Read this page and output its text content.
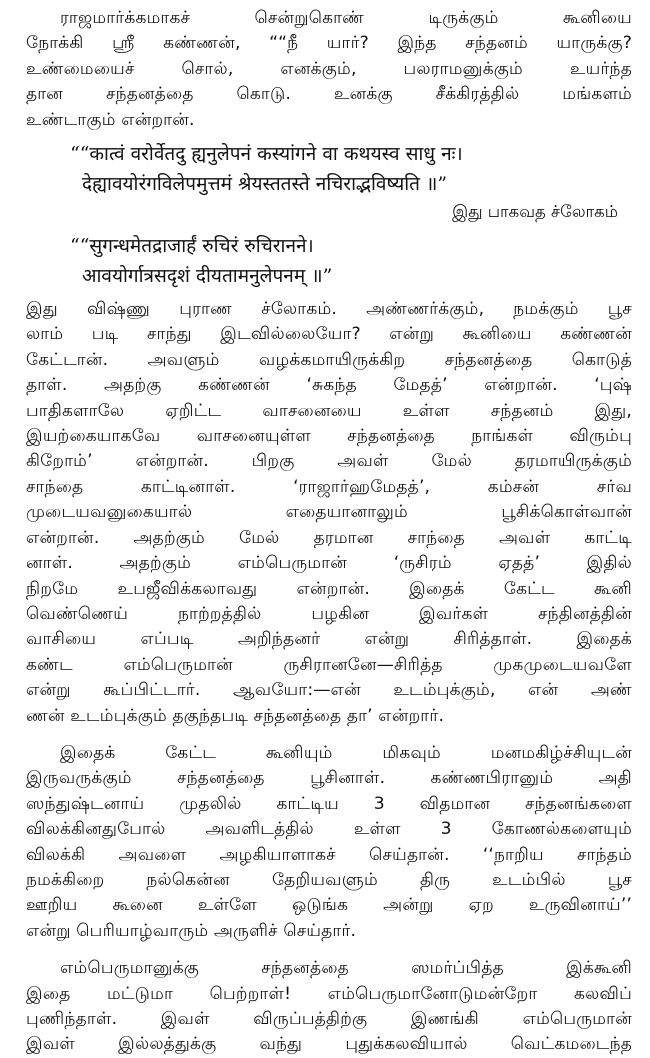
ராஜமார்க்கமாகச் சென்றுகொண் டிருக்கும் கூனியை
நோக்கி ஸ்ரீ கண்ணன், ““நீ யார்? இந்த சந்தனம் யாருக்கு?
உண்மையைச் சொல், எனக்கும், பலராமனுக்கும் உயர்ந்த
தான சந்தனத்தை கொடு. உனக்கு சீக்கிரத்தில் மங்களம்
உண்டாகும் என்றான்.
““कात्वं वरोर्वेतदु ह्यनुलेपनं कस्यांगने वा कथयस्व साधु नः।
देह्यावयोरंगविलेपमुत्तमं श्रेयस्ततस्ते नचिराद्भविष्यति ॥”
இது பாகவத ச்லோகம்
““सुगन्धमेतद्राजार्हं रुचिरं रुचिरानने।
आवयोर्गात्रसदृशं दीयतामनुलेपनम् ॥”
இது விஷ்ணு புராண ச்லோகம். அண்ணர்க்கும், நமக்கும் பூச
லாம் படி சாந்து இடவில்லையோ? என்று கூனியை கண்ணன்
கேட்டான். அவளும் வழக்கமாயிருக்கிற சந்தனத்தை கொடுத்
தாள். அதற்கு கண்ணன் ‘சுகந்த மேதத்’ என்றான். ‘புஷ்
பாதிகளாலே ஏறிட்ட வாசனையை உள்ள சந்தனம் இது,
இயற்கையாகவே வாசனையுள்ள சந்தனத்தை நாங்கள் விரும்பு
கிறோம்’ என்றான். பிறகு அவள் மேல் தரமாயிருக்கும்
சாந்தை காட்டினாள். ‘ராஜார்ஹமேதத்’, கம்சன் சர்வ
முடையவனுகையால் எதையானாலும் பூசிக்கொள்வான்
என்றான். அதற்கும் மேல் தரமான சாந்தை அவள் காட்டி
னாள். அதற்கும் எம்பெருமான் ‘ருசிரம் ஏதத்’ இதில்
நிறமே உபஜீவிக்கலாவது என்றான். இதைக் கேட்ட கூனி
வெண்ணெய் நாற்றத்தில் பழகின இவர்கள் சந்தினத்தின்
வாசியை எப்படி அறிந்தனர் என்று சிரித்தாள். இதைக்
கண்ட எம்பெருமான் ருசிரானனே—சிரித்த முகமுடையவளே
என்று கூப்பிட்டார். ஆவயோ:—என் உடம்புக்கும், என் அண்
ணன் உடம்புக்கும் தகுந்தபடி சந்தனத்தை தா’ என்றார்.
இதைக் கேட்ட கூனியும் மிகவும் மனமகிழ்ச்சியுடன்
இருவருக்கும் சந்தனத்தை பூசினாள். கண்ணபிரானும் அதி
ஸந்துஷ்டனாய் முதலில் காட்டிய 3 விதமான சந்தனங்களை
விலக்கினதுபோல் அவளிடத்தில் உள்ள 3 கோணல்களையும்
விலக்கி அவளை அழகியாளாகச் செய்தான். ‘‘நாறிய சாந்தம்
நமக்கிறை நல்கென்ன தேறியவளும் திரு உடம்பில் பூச
ஊறிய கூனை உள்ளே ஒடுங்க அன்று ஏற உருவினாய்’’
என்று பெரியாழ்வாரும் அருளிச் செய்தார்.
எம்பெருமானுக்கு சந்தனத்தை ஸமர்ப்பித்த இக்கூனி
இதை மட்டுமா பெற்றாள்! எம்பெருமானோடுமன்றோ கலவிப்
புணிந்தாள். இவள் விருப்பத்திற்கு இணங்கி எம்பெருமான்
இவள் இல்லத்துக்கு வந்து புதுக்கலவியால் வெட்கமடைந்த
